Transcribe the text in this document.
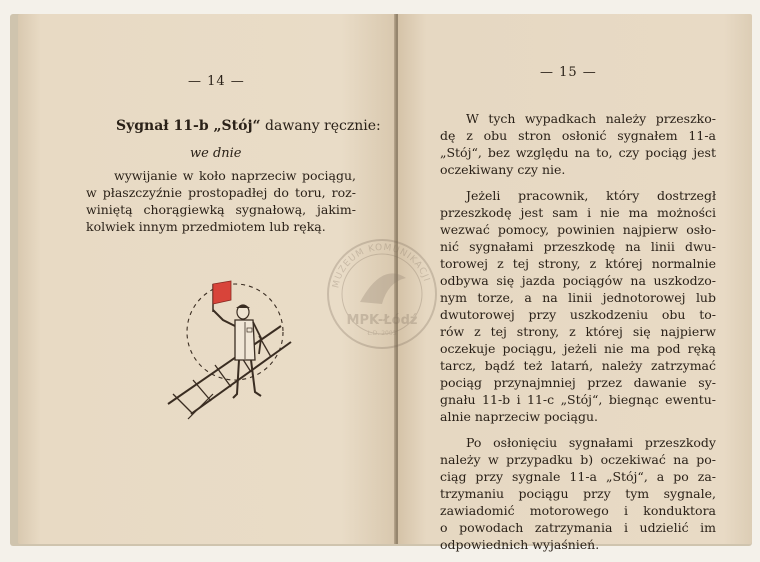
— 14 —
Sygnał 11-b „Stój“ dawany ręcznie:
we dnie
wywijanie w koło naprzeciw pociągu,
w płaszczyźnie prostopadłej do toru, roz-
winiętą chorągiewką sygnałową, jakim-
kolwiek innym przedmiotem lub ręką.
— 15 —
W tych wypadkach należy przeszko-
dę z obu stron osłonić sygnałem 11-a
„Stój“, bez względu na to, czy pociąg jest
oczekiwany czy nie.
Jeżeli pracownik, który dostrzegł
przeszkodę jest sam i nie ma możności
wezwać pomocy, powinien najpierw osło-
nić sygnałami przeszkodę na linii dwu-
torowej z tej strony, z której normalnie
odbywa się jazda pociągów na uszkodzo-
nym torze, a na linii jednotorowej lub
dwutorowej przy uszkodzeniu obu to-
rów z tej strony, z której się najpierw
oczekuje pociągu, jeżeli nie ma pod ręką
tarcz, bądź też latarń, należy zatrzymać
pociąg przynajmniej przez dawanie sy-
gnału 11-b i 11-c „Stój“, biegnąc ewentu-
alnie naprzeciw pociągu.
Po osłonięciu sygnałami przeszkody
należy w przypadku b) oczekiwać na po-
ciąg przy sygnale 11-a „Stój“, a po za-
trzymaniu pociągu przy tym sygnale,
zawiadomić motorowego i konduktora
o powodach zatrzymania i udzielić im
odpowiednich wyjaśnień.
MUZEUM KOMUNIKACJI
MPK-Łódź
Ł.D. 2005
